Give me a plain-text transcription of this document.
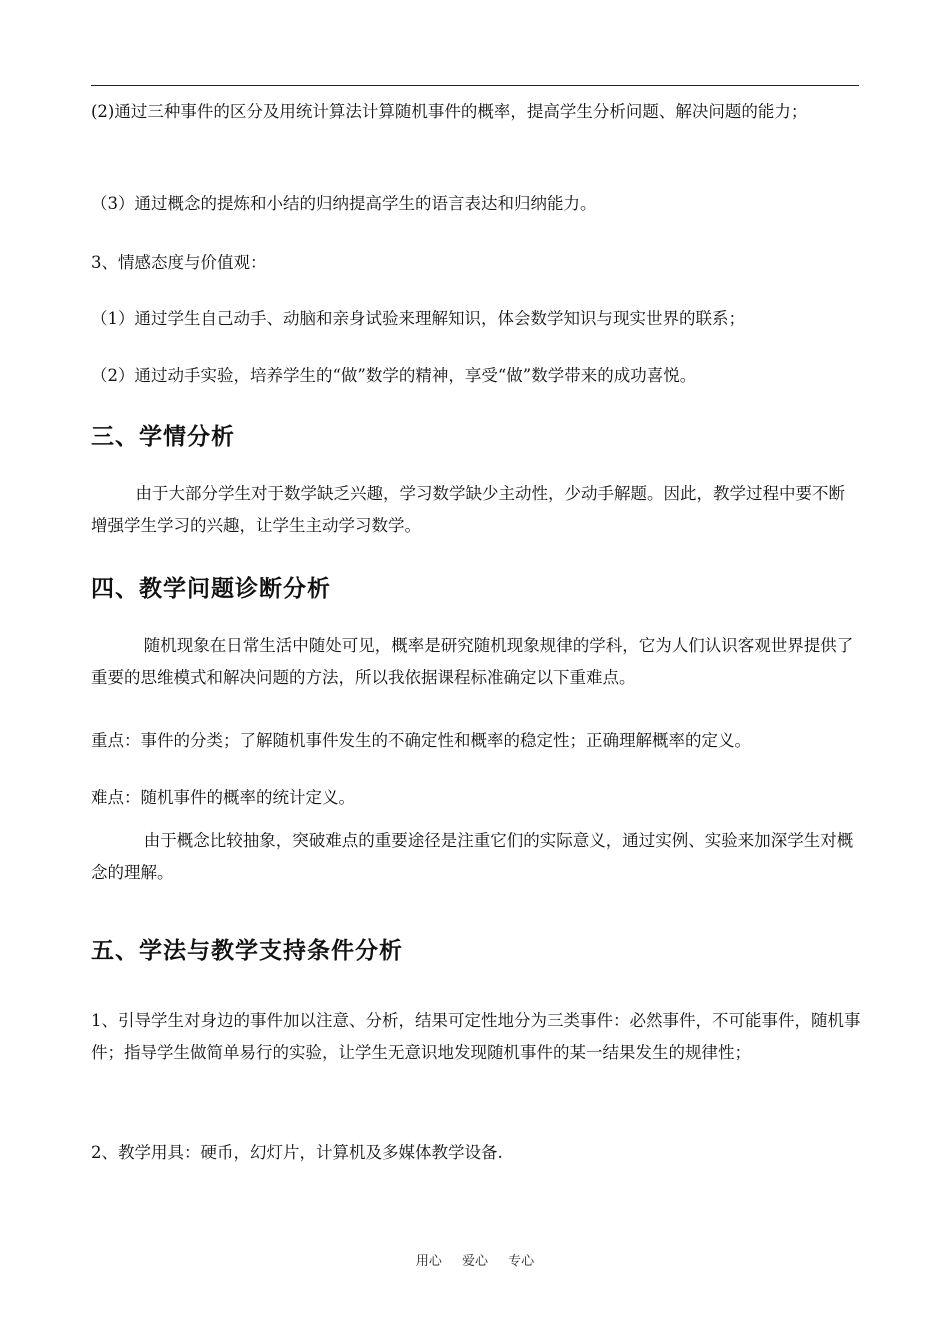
(2)通过三种事件的区分及用统计算法计算随机事件的概率，提高学生分析问题、解决问题的能力；

（3）通过概念的提炼和小结的归纳提高学生的语言表达和归纳能力。

3、情感态度与价值观：

（1）通过学生自己动手、动脑和亲身试验来理解知识，体会数学知识与现实世界的联系；

（2）通过动手实验，培养学生的“做”数学的精神，享受“做”数学带来的成功喜悦。

三、学情分析

由于大部分学生对于数学缺乏兴趣，学习数学缺少主动性，少动手解题。因此，教学过程中要不断增强学生学习的兴趣，让学生主动学习数学。

四、教学问题诊断分析

随机现象在日常生活中随处可见，概率是研究随机现象规律的学科，它为人们认识客观世界提供了重要的思维模式和解决问题的方法，所以我依据课程标准确定以下重难点。

重点：事件的分类；了解随机事件发生的不确定性和概率的稳定性；正确理解概率的定义。

难点：随机事件的概率的统计定义。

由于概念比较抽象，突破难点的重要途径是注重它们的实际意义，通过实例、实验来加深学生对概念的理解。

五、学法与教学支持条件分析

1、引导学生对身边的事件加以注意、分析，结果可定性地分为三类事件：必然事件，不可能事件，随机事件；指导学生做简单易行的实验，让学生无意识地发现随机事件的某一结果发生的规律性；

2、教学用具：硬币，幻灯片，计算机及多媒体教学设备.

用心 爱心 专心
